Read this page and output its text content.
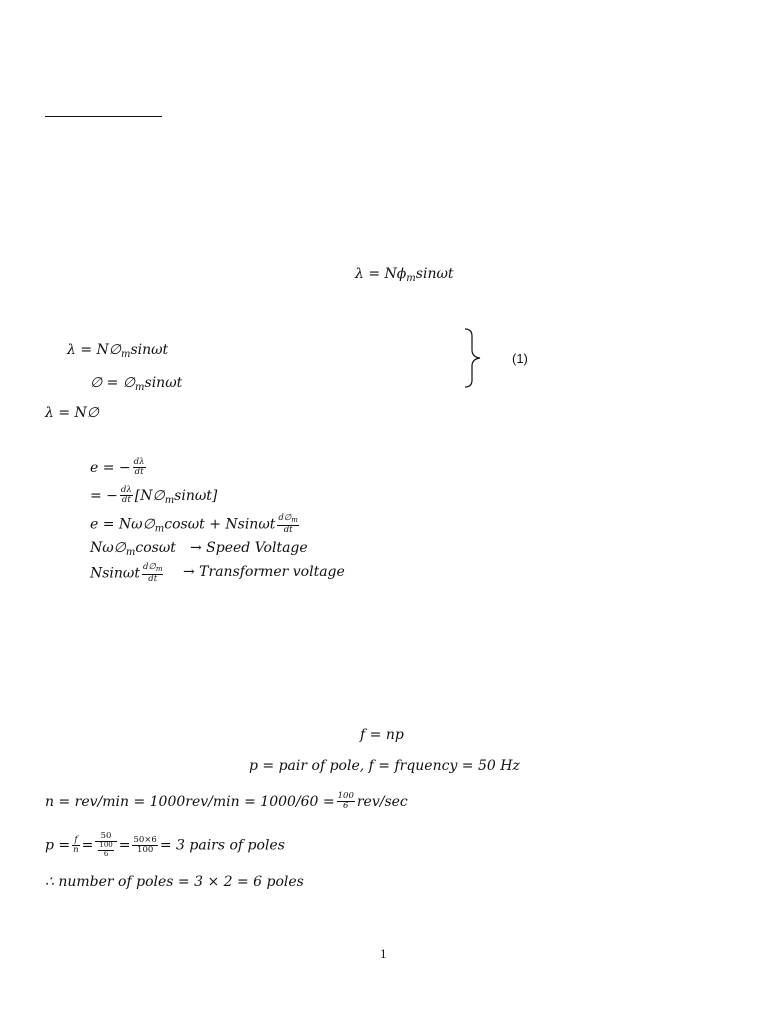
$\lambda = N\phi_m\sin\omega t$
$\lambda = N\emptyset_m\sin\omega t$
∅ = $\emptyset_m\sin\omega t$
(1)
λ = N∅
e = − $\frac{d\lambda}{dt}$
= − $\frac{d\lambda}{dt}$ $[N\emptyset_m\sin\omega t]$
$e = N\omega\emptyset_m\cos\omega t + Nsin\omega t \frac{d\emptyset_m}{dt}$
$N\omega\emptyset_m\cos\omega t$ → Speed Voltage
Nsinωt $\frac{d\emptyset_m}{dt}$ → Transformer voltage
f = np
p = pair of pole, f = frquency = 50 Hz
$n = rev/\min = 1000rev/\min = 1000/60 = \frac{100}{6} rev/\sec$
$p = \frac{f}{n} = \frac{50}{\frac{100}{6}} = \frac{50\times 6}{100} = 3$ pairs of poles
∴ number of poles = 3 × 2 = 6 poles
1
